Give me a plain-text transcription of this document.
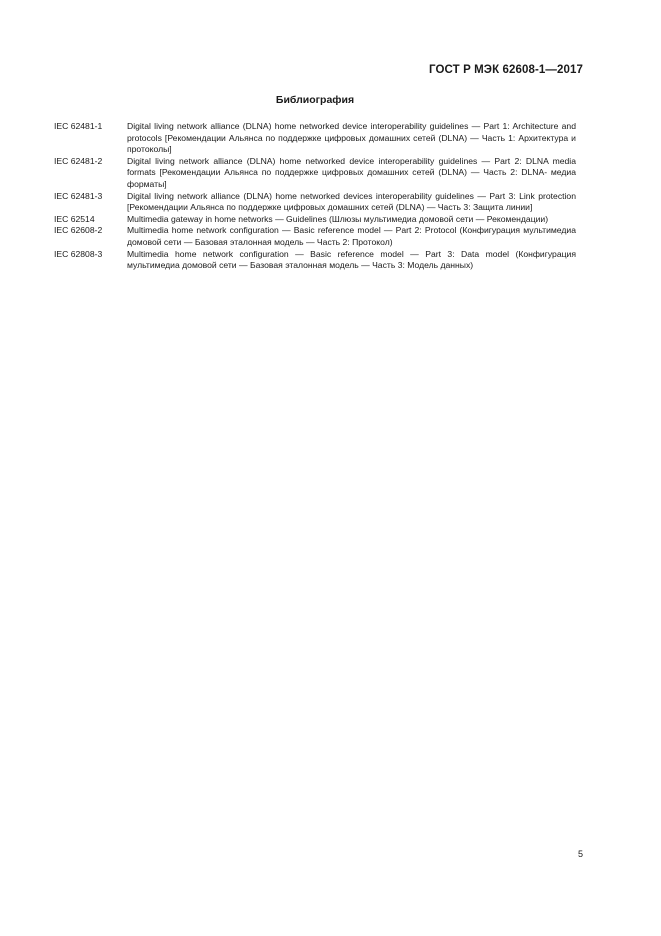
ГОСТ Р МЭК 62608-1—2017
Библиография
IEC 62481-1	Digital living network alliance (DLNA) home networked device interoperability guidelines — Part 1: Architecture and protocols [Рекомендации Альянса по поддержке цифровых домашних сетей (DLNA) — Часть 1: Архитектура и протоколы]
IEC 62481-2	Digital living network alliance (DLNA) home networked device interoperability guidelines — Part 2: DLNA media formats [Рекомендации Альянса по поддержке цифровых домашних сетей (DLNA) — Часть 2: DLNA- медиа форматы]
IEC 62481-3	Digital living network alliance (DLNA) home networked devices interoperability guidelines — Part 3: Link protection [Рекомендации Альянса по поддержке цифровых домашних сетей (DLNA) — Часть 3: Защита линии]
IEC 62514	Multimedia gateway in home networks — Guidelines (Шлюзы мультимедиа домовой сети — Рекомендации)
IEC 62608-2	Multimedia home network configuration — Basic reference model — Part 2: Protocol (Конфигурация мультимедиа домовой сети — Базовая эталонная модель — Часть 2: Протокол)
IEC 62808-3	Multimedia home network configuration — Basic reference model — Part 3: Data model (Конфигурация мультимедиа домовой сети — Базовая эталонная модель — Часть 3: Модель данных)
5
